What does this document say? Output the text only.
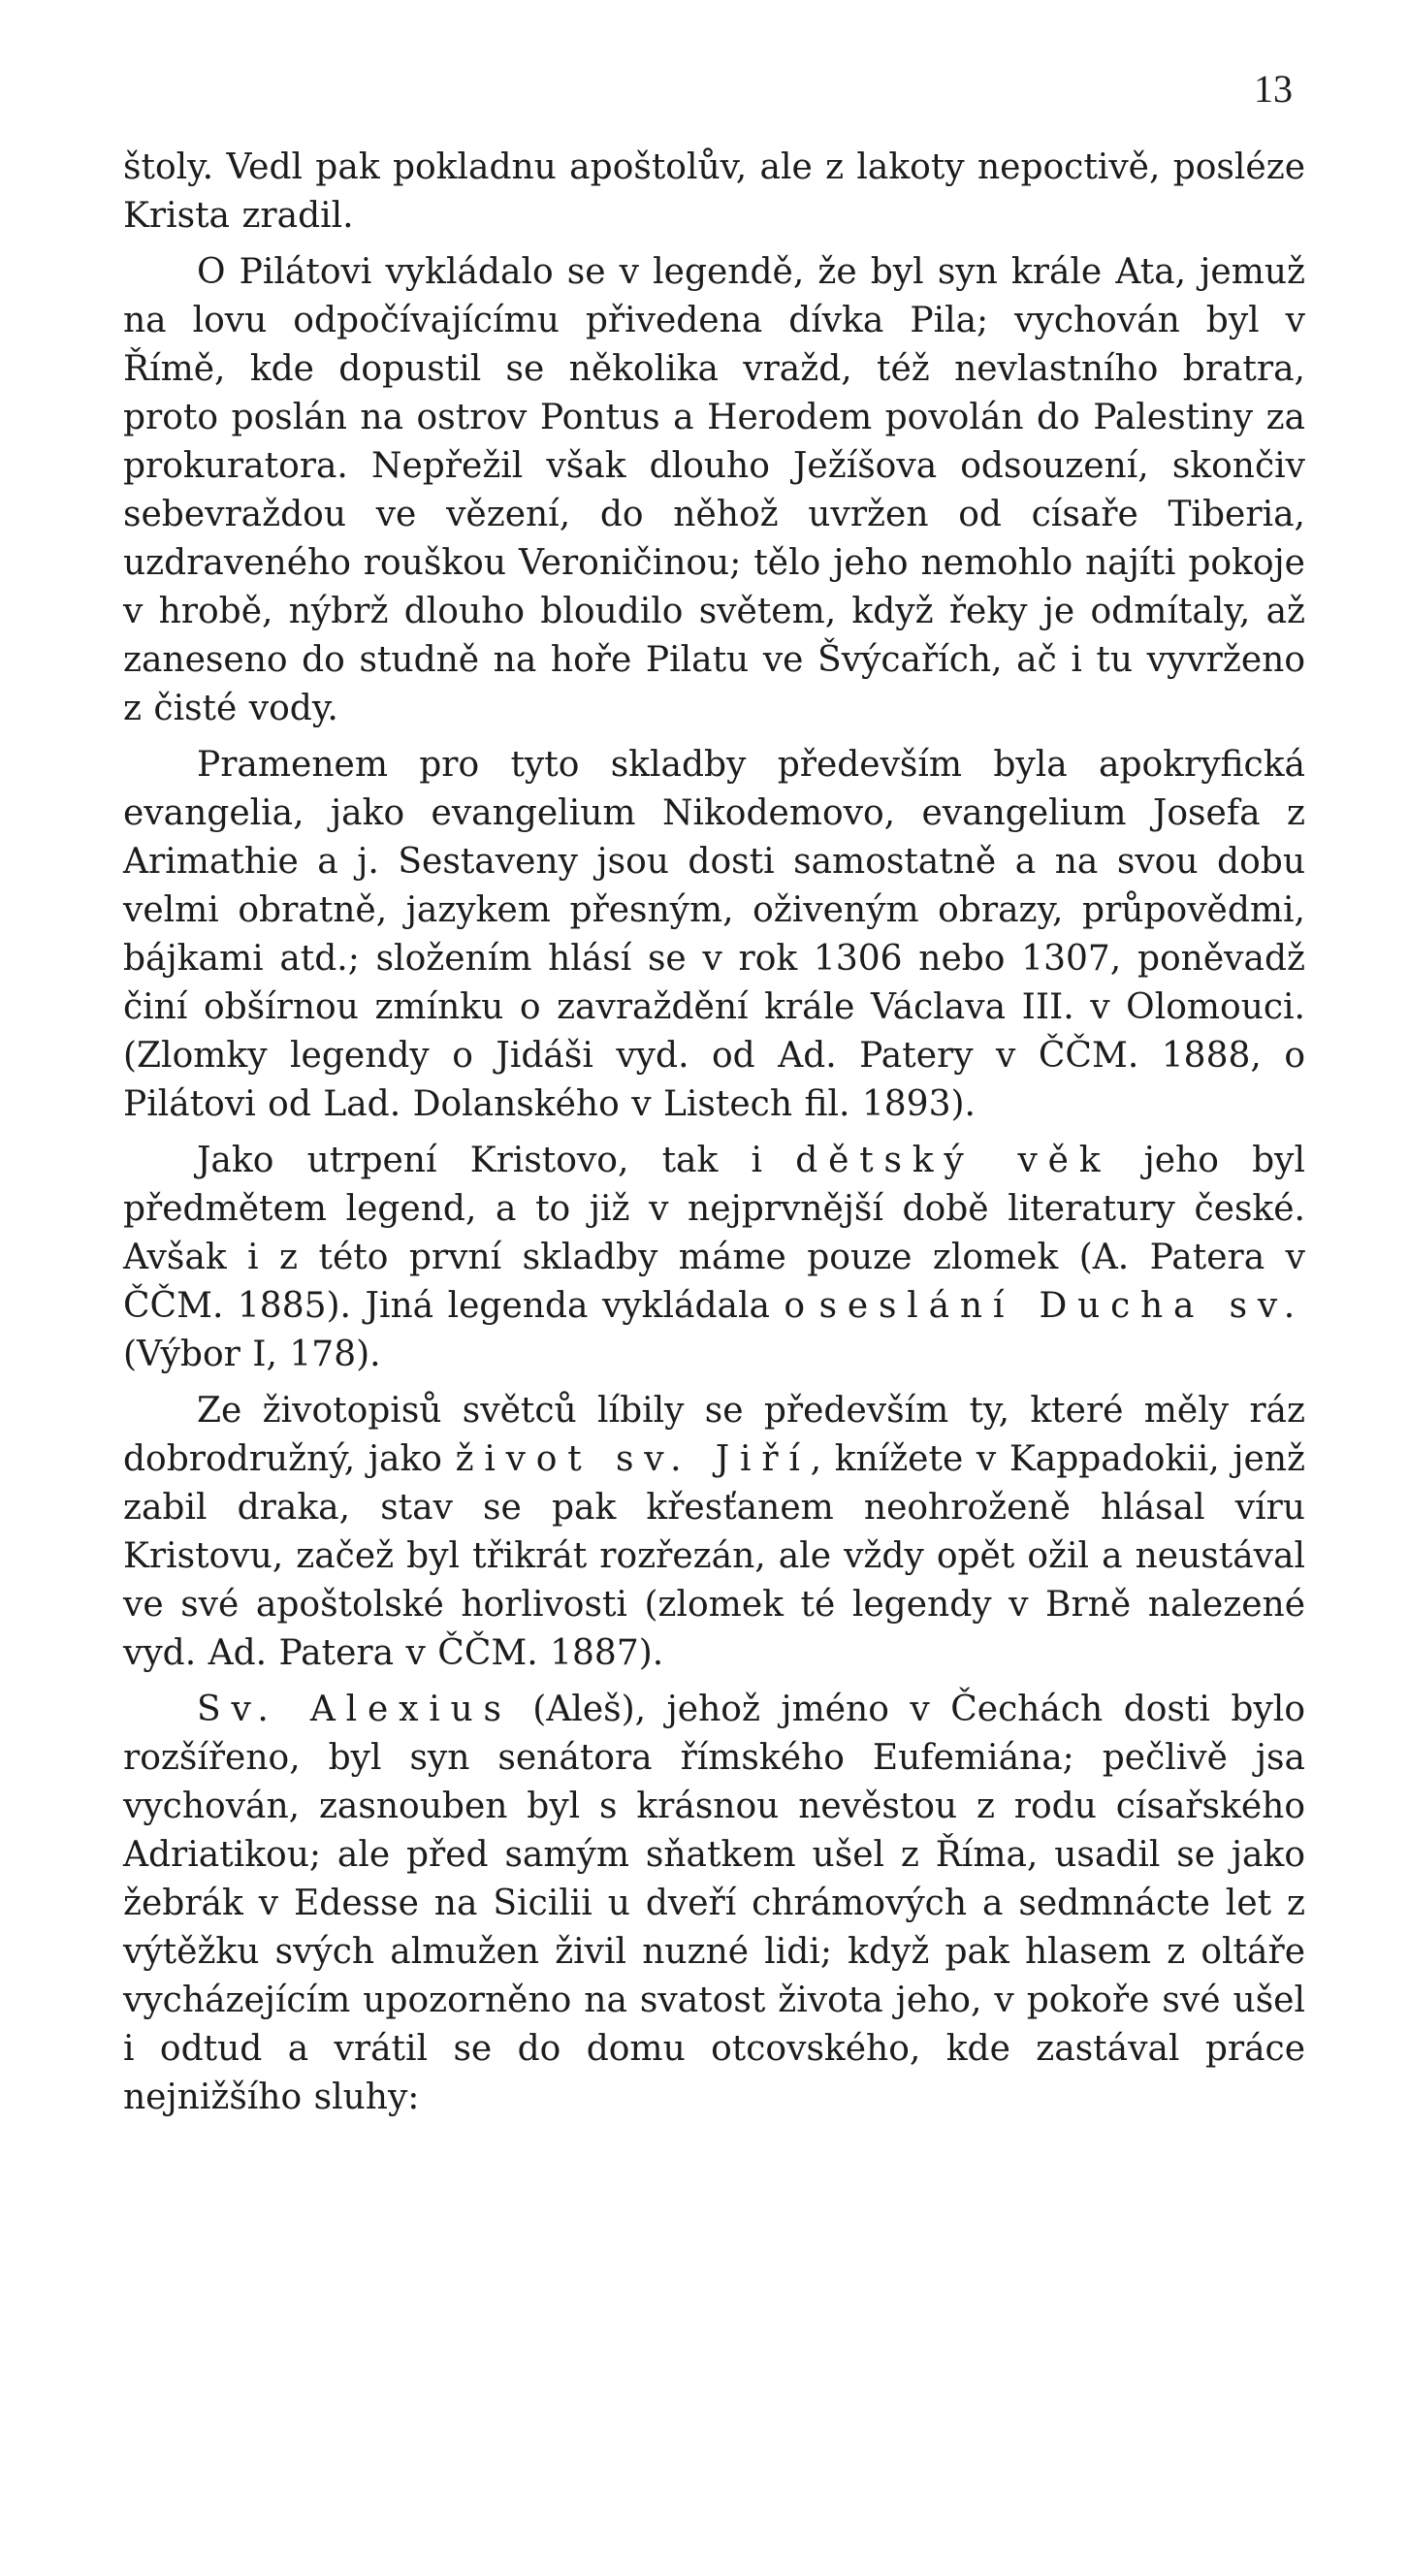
13

štoly. Vedl pak pokladnu apoštolův, ale z lakoty nepoctivě, posléze Krista zradil.

O Pilátovi vykládalo se v legendě, že byl syn krále Ata, jemuž na lovu odpočívajícímu přivedena dívka Pila; vychován byl v Římě, kde dopustil se několika vražd, též nevlastního bratra, proto poslán na ostrov Pontus a Herodem povolán do Palestiny za prokuratora. Nepřežil však dlouho Ježíšova odsouzení, skončiv sebevraždou ve vězení, do něhož uvržen od císaře Tiberia, uzdraveného rouškou Veroničinou; tělo jeho nemohlo najíti pokoje v hrobě, nýbrž dlouho bloudilo světem, když řeky je odmítaly, až zaneseno do studně na hoře Pilatu ve Švýcařích, ač i tu vyvrženo z čisté vody.

Pramenem pro tyto skladby především byla apokryfická evangelia, jako evangelium Nikodemovo, evangelium Josefa z Arimathie a j. Sestaveny jsou dosti samostatně a na svou dobu velmi obratně, jazykem přesným, oživeným obrazy, průpovědmi, bájkami atd.; složením hlásí se v rok 1306 nebo 1307, poněvadž činí obšírnou zmínku o zavraždění krále Václava III. v Olomouci. (Zlomky legendy o Jidáši vyd. od Ad. Patery v ČČM. 1888, o Pilátovi od Lad. Dolanského v Listech fil. 1893).

Jako utrpení Kristovo, tak i dětský věk jeho byl předmětem legend, a to již v nejprvnější době literatury české. Avšak i z této první skladby máme pouze zlomek (A. Patera v ČČM. 1885). Jiná legenda vykládala o seslání Ducha sv. (Výbor I, 178).

Ze životopisů světců líbily se především ty, které měly ráz dobrodružný, jako život sv. Jiří, knížete v Kappadokii, jenž zabil draka, stav se pak křesťanem neohroženě hlásal víru Kristovu, začež byl třikrát rozřezán, ale vždy opět ožil a neustával ve své apoštolské horlivosti (zlomek té legendy v Brně nalezené vyd. Ad. Patera v ČČM. 1887).

Sv. Alexius (Aleš), jehož jméno v Čechách dosti bylo rozšířeno, byl syn senátora římského Eufemiána; pečlivě jsa vychován, zasnouben byl s krásnou nevěstou z rodu císařského Adriatikou; ale před samým sňatkem ušel z Říma, usadil se jako žebrák v Edesse na Sicilii u dveří chrámových a sedmnácte let z výtěžku svých almužen živil nuzné lidi; když pak hlasem z oltáře vycházejícím upozorněno na svatost života jeho, v pokoře své ušel i odtud a vrátil se do domu otcovského, kde zastával práce nejnižšího sluhy:
